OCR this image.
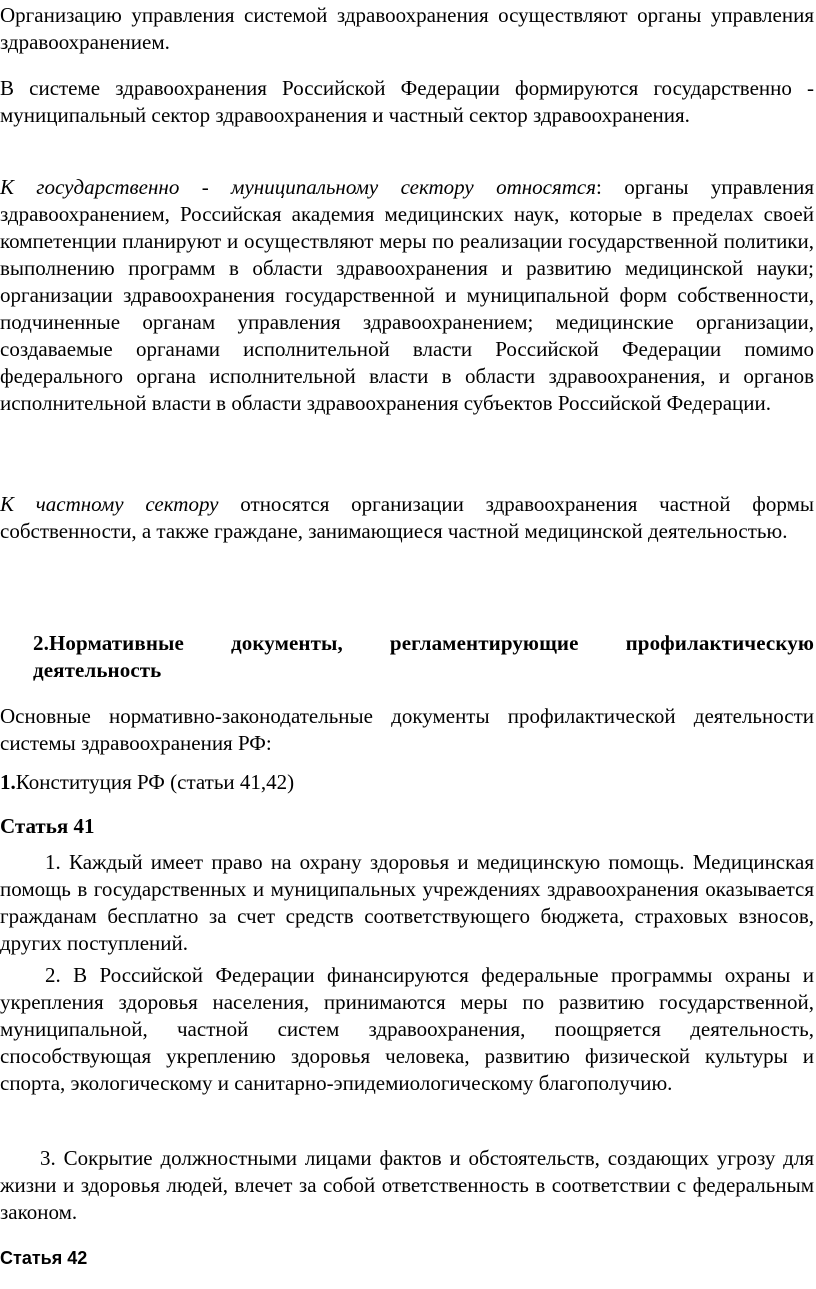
Организацию управления системой здравоохранения осуществляют органы управления здравоохранением.

В системе здравоохранения Российской Федерации формируются государственно - муниципальный сектор здравоохранения и частный сектор здравоохранения.

К государственно - муниципальному сектору относятся: органы управления здравоохранением, Российская академия медицинских наук, которые в пределах своей компетенции планируют и осуществляют меры по реализации государственной политики, выполнению программ в области здравоохранения и развитию медицинской науки; организации здравоохранения государственной и муниципальной форм собственности, подчиненные органам управления здравоохранением; медицинские организации, создаваемые органами исполнительной власти Российской Федерации помимо федерального органа исполнительной власти в области здравоохранения, и органов исполнительной власти в области здравоохранения субъектов Российской Федерации.

К частному сектору относятся организации здравоохранения частной формы собственности, а также граждане, занимающиеся частной медицинской деятельностью.

2.Нормативные документы, регламентирующие профилактическую деятельность

Основные нормативно-законодательные документы профилактической деятельности системы здравоохранения РФ:

1.Конституция РФ (статьи 41,42)

Статья 41

1. Каждый имеет право на охрану здоровья и медицинскую помощь. Медицинская помощь в государственных и муниципальных учреждениях здравоохранения оказывается гражданам бесплатно за счет средств соответствующего бюджета, страховых взносов, других поступлений.

2. В Российской Федерации финансируются федеральные программы охраны и укрепления здоровья населения, принимаются меры по развитию государственной, муниципальной, частной систем здравоохранения, поощряется деятельность, способствующая укреплению здоровья человека, развитию физической культуры и спорта, экологическому и санитарно-эпидемиологическому благополучию.

3. Сокрытие должностными лицами фактов и обстоятельств, создающих угрозу для жизни и здоровья людей, влечет за собой ответственность в соответствии с федеральным законом.

Статья 42
